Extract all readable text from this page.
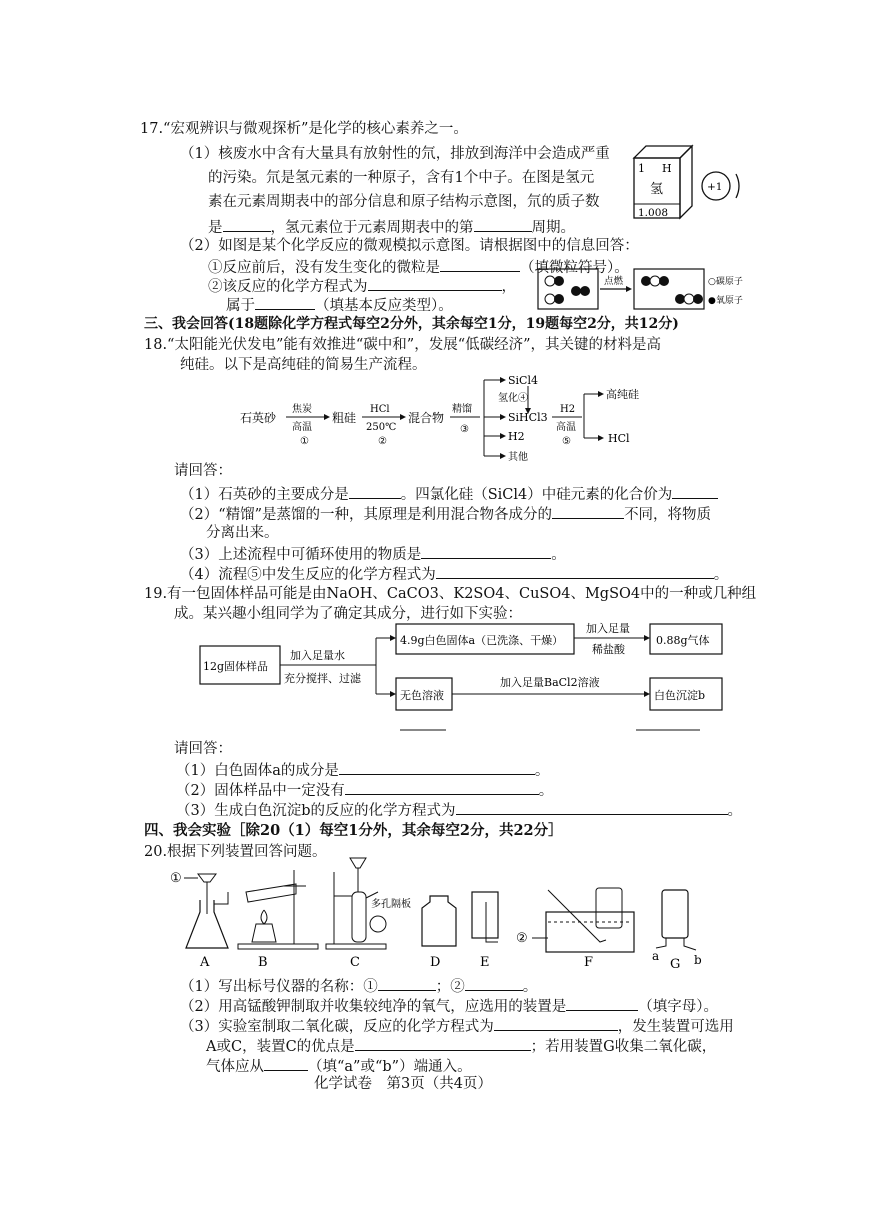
17.“宏观辨识与微观探析”是化学的核心素养之一。
（1）核废水中含有大量具有放射性的氘，排放到海洋中会造成严重
的污染。氘是氢元素的一种原子，含有1个中子。在图是氢元
素在元素周期表中的部分信息和原子结构示意图，氘的质子数
是	，氢元素位于元素周期表中的第	周期。
1 H
氢
1.008
+1
（2）如图是某个化学反应的微观模拟示意图。请根据图中的信息回答：
①反应前后，没有发生变化的微粒是	（填微粒符号）。
②该反应的化学方程式为	，
属于	（填基本反应类型）。
点燃	○碳原子
●氧原子
三、我会回答(18题除化学方程式每空2分外，其余每空1分，19题每空2分，共12分)
18.“太阳能光伏发电”能有效推进“碳中和”，发展“低碳经济”，其关键的材料是高
纯硅。以下是高纯硅的简易生产流程。
石英砂
焦炭
高温
①
粗硅
HCl
250℃
②
混合物
精馏
③
SiCl4
氢化④
SiHCl3
H2
其他
H2
高温
⑤
高纯硅
HCl
请回答：
（1）石英砂的主要成分是	。四氯化硅（SiCl4）中硅元素的化合价为
（2）“精馏”是蒸馏的一种，其原理是利用混合物各成分的	不同，将物质
分离出来。
（3）上述流程中可循环使用的物质是	。
（4）流程⑤中发生反应的化学方程式为	。
19.有一包固体样品可能是由NaOH、CaCO3、K2SO4、CuSO4、MgSO4中的一种或几种组
成。某兴趣小组同学为了确定其成分，进行如下实验：
12g固体样品
加入足量水
充分搅拌、过滤
4.9g白色固体a（已洗涤、干燥）
加入足量
稀盐酸
0.88g气体
无色溶液
加入足量BaCl2溶液
白色沉淀b
请回答：
（1）白色固体a的成分是	。
（2）固体样品中一定没有	。
（3）生成白色沉淀b的反应的化学方程式为	。
四、我会实验［除20（1）每空1分外，其余每空2分，共22分］
20.根据下列装置回答问题。
①
A	B
多孔隔板
C	D	E
②
F	a	b
G
（1）写出标号仪器的名称：①	；②	。
（2）用高锰酸钾制取并收集较纯净的氧气，应选用的装置是	（填字母）。
（3）实验室制取二氧化碳，反应的化学方程式为	，发生装置可选用
A或C，装置C的优点是	；若用装置G收集二氧化碳，
气体应从	（填“a”或“b”）端通入。
化学试卷　第3页（共4页）
